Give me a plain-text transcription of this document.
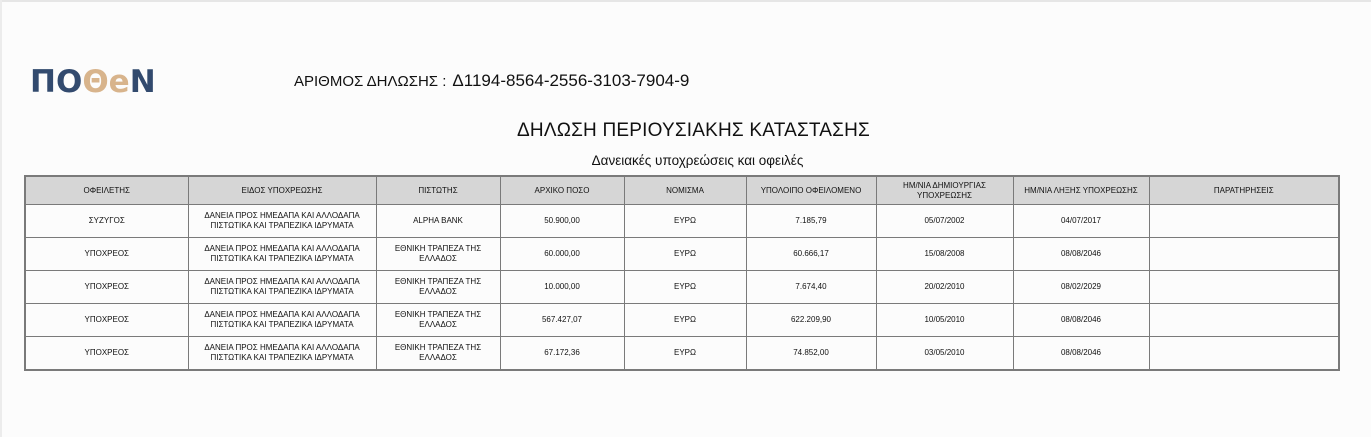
ΠΟΘeΝ	ΑΡΙΘΜΟΣ ΔΗΛΩΣΗΣ : Δ1194-8564-2556-3103-7904-9
ΔΗΛΩΣΗ ΠΕΡΙΟΥΣΙΑΚΗΣ ΚΑΤΑΣΤΑΣΗΣ
Δανειακές υποχρεώσεις και οφειλές
ΟΦΕΙΛΕΤΗΣ	ΕΙΔΟΣ ΥΠΟΧΡΕΩΣΗΣ	ΠΙΣΤΩΤΗΣ	ΑΡΧΙΚΟ ΠΟΣΟ	ΝΟΜΙΣΜΑ	ΥΠΟΛΟΙΠΟ ΟΦΕΙΛΟΜΕΝΟ	ΗΜ/ΝΙΑ ΔΗΜΙΟΥΡΓΙΑΣ ΥΠΟΧΡΕΩΣΗΣ	ΗΜ/ΝΙΑ ΛΗΞΗΣ ΥΠΟΧΡΕΩΣΗΣ	ΠΑΡΑΤΗΡΗΣΕΙΣ
ΣΥΖΥΓΟΣ	ΔΑΝΕΙΑ ΠΡΟΣ ΗΜΕΔΑΠΑ ΚΑΙ ΑΛΛΟΔΑΠΑ ΠΙΣΤΩΤΙΚΑ ΚΑΙ ΤΡΑΠΕΖΙΚΑ ΙΔΡΥΜΑΤΑ	ALPHA BANK	50.900,00	ΕΥΡΩ	7.185,79	05/07/2002	04/07/2017	
ΥΠΟΧΡΕΟΣ	ΔΑΝΕΙΑ ΠΡΟΣ ΗΜΕΔΑΠΑ ΚΑΙ ΑΛΛΟΔΑΠΑ ΠΙΣΤΩΤΙΚΑ ΚΑΙ ΤΡΑΠΕΖΙΚΑ ΙΔΡΥΜΑΤΑ	ΕΘΝΙΚΗ ΤΡΑΠΕΖΑ ΤΗΣ ΕΛΛΑΔΟΣ	60.000,00	ΕΥΡΩ	60.666,17	15/08/2008	08/08/2046	
ΥΠΟΧΡΕΟΣ	ΔΑΝΕΙΑ ΠΡΟΣ ΗΜΕΔΑΠΑ ΚΑΙ ΑΛΛΟΔΑΠΑ ΠΙΣΤΩΤΙΚΑ ΚΑΙ ΤΡΑΠΕΖΙΚΑ ΙΔΡΥΜΑΤΑ	ΕΘΝΙΚΗ ΤΡΑΠΕΖΑ ΤΗΣ ΕΛΛΑΔΟΣ	10.000,00	ΕΥΡΩ	7.674,40	20/02/2010	08/02/2029	
ΥΠΟΧΡΕΟΣ	ΔΑΝΕΙΑ ΠΡΟΣ ΗΜΕΔΑΠΑ ΚΑΙ ΑΛΛΟΔΑΠΑ ΠΙΣΤΩΤΙΚΑ ΚΑΙ ΤΡΑΠΕΖΙΚΑ ΙΔΡΥΜΑΤΑ	ΕΘΝΙΚΗ ΤΡΑΠΕΖΑ ΤΗΣ ΕΛΛΑΔΟΣ	567.427,07	ΕΥΡΩ	622.209,90	10/05/2010	08/08/2046	
ΥΠΟΧΡΕΟΣ	ΔΑΝΕΙΑ ΠΡΟΣ ΗΜΕΔΑΠΑ ΚΑΙ ΑΛΛΟΔΑΠΑ ΠΙΣΤΩΤΙΚΑ ΚΑΙ ΤΡΑΠΕΖΙΚΑ ΙΔΡΥΜΑΤΑ	ΕΘΝΙΚΗ ΤΡΑΠΕΖΑ ΤΗΣ ΕΛΛΑΔΟΣ	67.172,36	ΕΥΡΩ	74.852,00	03/05/2010	08/08/2046	
